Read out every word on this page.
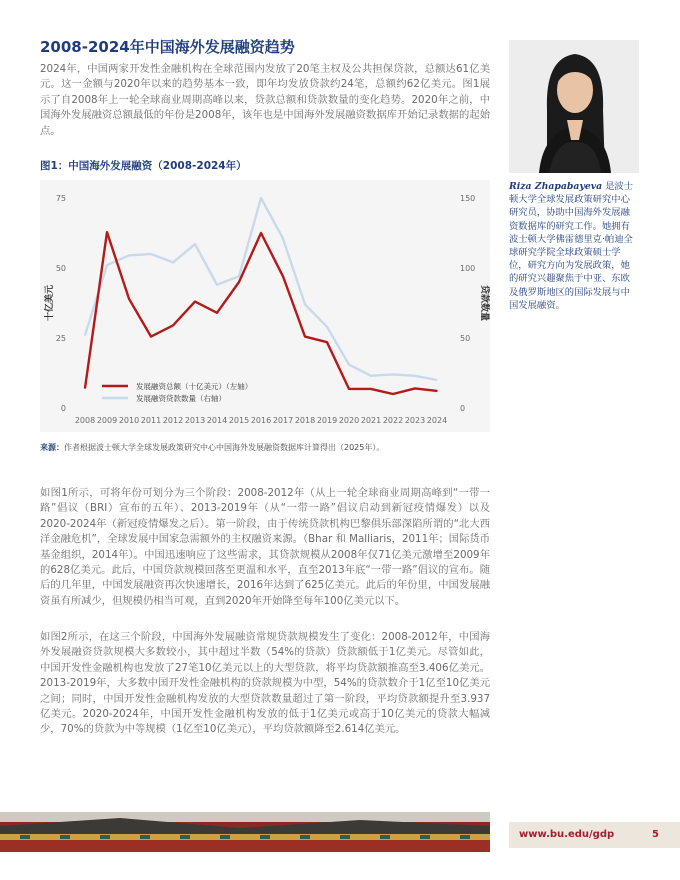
2008-2024年中国海外发展融资趋势

2024年，中国两家开发性金融机构在全球范围内发放了20笔主权及公共担保贷款，总额达61亿美元。这一金额与2020年以来的趋势基本一致，即年均发放贷款约24笔，总额约62亿美元。图1展示了自2008年上一轮全球商业周期高峰以来，贷款总额和贷款数量的变化趋势。2020年之前，中国海外发展融资总额最低的年份是2008年，该年也是中国海外发展融资数据库开始记录数据的起始点。

图1：中国海外发展融资（2008-2024年）
0
25
50
75
0
50
100
150
2008 2009 2010 2011 2012 2013 2014 2015 2016 2017 2018 2019 2020 2021 2022 2023 2024
十亿美元	贷款数量
发展融资总额（十亿美元）（左轴）
发展融资贷款数量（右轴）
来源：作者根据波士顿大学全球发展政策研究中心中国海外发展融资数据库计算得出（2025年）。

Riza Zhapabayeva 是波士顿大学全球发展政策研究中心研究员，协助中国海外发展融资数据库的研究工作。她拥有波士顿大学佛雷德里克·帕迪全球研究学院全球政策硕士学位，研究方向为发展政策，她的研究兴趣聚焦于中亚、东欧及俄罗斯地区的国际发展与中国发展融资。

如图1所示，可将年份可划分为三个阶段：2008-2012年（从上一轮全球商业周期高峰到“一带一路”倡议（BRI）宣布的五年）、2013-2019年（从“一带一路”倡议启动到新冠疫情爆发）以及2020-2024年（新冠疫情爆发之后）。第一阶段，由于传统贷款机构巴黎俱乐部深陷所谓的“北大西洋金融危机”，全球发展中国家急需额外的主权融资来源。（Bhar 和 Malliaris，2011年；国际货币基金组织，2014年）。中国迅速响应了这些需求，其贷款规模从2008年仅71亿美元激增至2009年的628亿美元。此后，中国贷款规模回落至更温和水平，直至2013年底“一带一路”倡议的宣布。随后的几年里，中国发展融资再次快速增长，2016年达到了625亿美元。此后的年份里，中国发展融资虽有所减少，但规模仍相当可观，直到2020年开始降至每年100亿美元以下。

如图2所示，在这三个阶段，中国海外发展融资常规贷款规模发生了变化：2008-2012年，中国海外发展融资贷款规模大多数较小，其中超过半数（54%的贷款）贷款额低于1亿美元。尽管如此，中国开发性金融机构也发放了27笔10亿美元以上的大型贷款，将平均贷款额推高至3.406亿美元。2013-2019年，大多数中国开发性金融机构的贷款规模为中型，54%的贷款数介于1亿至10亿美元之间；同时，中国开发性金融机构发放的大型贷款数量超过了第一阶段，平均贷款额提升至3.937亿美元。2020-2024年，中国开发性金融机构发放的低于1亿美元或高于10亿美元的贷款大幅减少，70%的贷款为中等规模（1亿至10亿美元），平均贷款额降至2.614亿美元。

www.bu.edu/gdp	5
